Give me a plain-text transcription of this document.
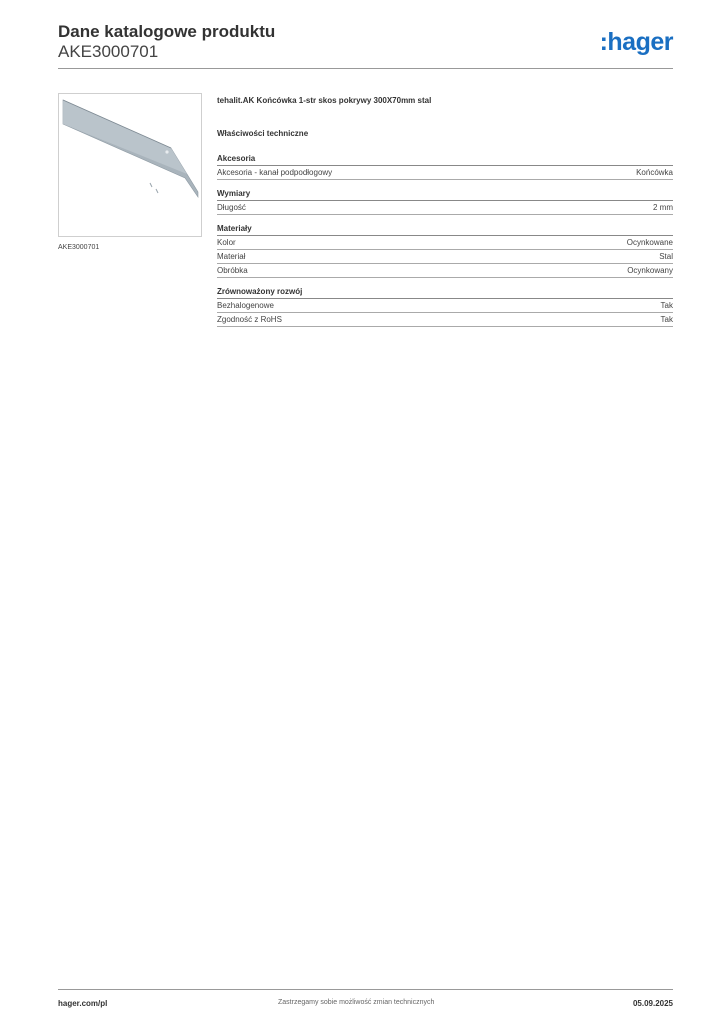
Dane katalogowe produktu
AKE3000701	:hager
AKE3000701
tehalit.AK Końcówka 1-str skos pokrywy 300X70mm stal
Właściwości techniczne
Akcesoria
Akcesoria - kanał podpodłogowy	Końcówka
Wymiary
Długość	2 mm
Materiały
Kolor	Ocynkowane
Materiał	Stal
Obróbka	Ocynkowany
Zrównoważony rozwój
Bezhalogenowe	Tak
Zgodność z RoHS	Tak
hager.com/pl	Zastrzegamy sobie możliwość zmian technicznych	05.09.2025
